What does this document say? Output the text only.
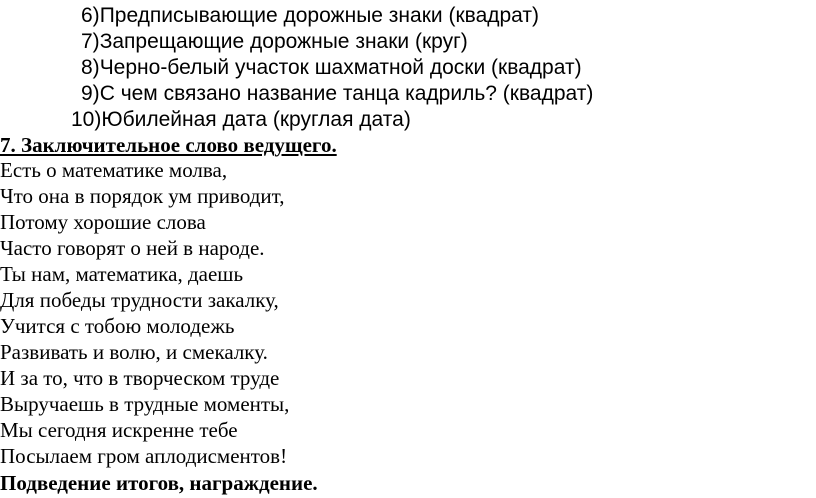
6)Предписывающие дорожные знаки (квадрат)
7)Запрещающие дорожные знаки (круг)
8)Черно-белый участок шахматной доски (квадрат)
9)С чем связано название танца кадриль? (квадрат)
10)Юбилейная дата (круглая дата)
7. Заключительное слово ведущего.
Есть о математике молва,
Что она в порядок ум приводит,
Потому хорошие слова
Часто говорят о ней в народе.
Ты нам, математика, даешь
Для победы трудности закалку,
Учится с тобою молодежь
Развивать и волю, и смекалку.
И за то, что в творческом труде
Выручаешь в трудные моменты,
Мы сегодня искренне тебе
Посылаем гром аплодисментов!
Подведение итогов, награждение.
